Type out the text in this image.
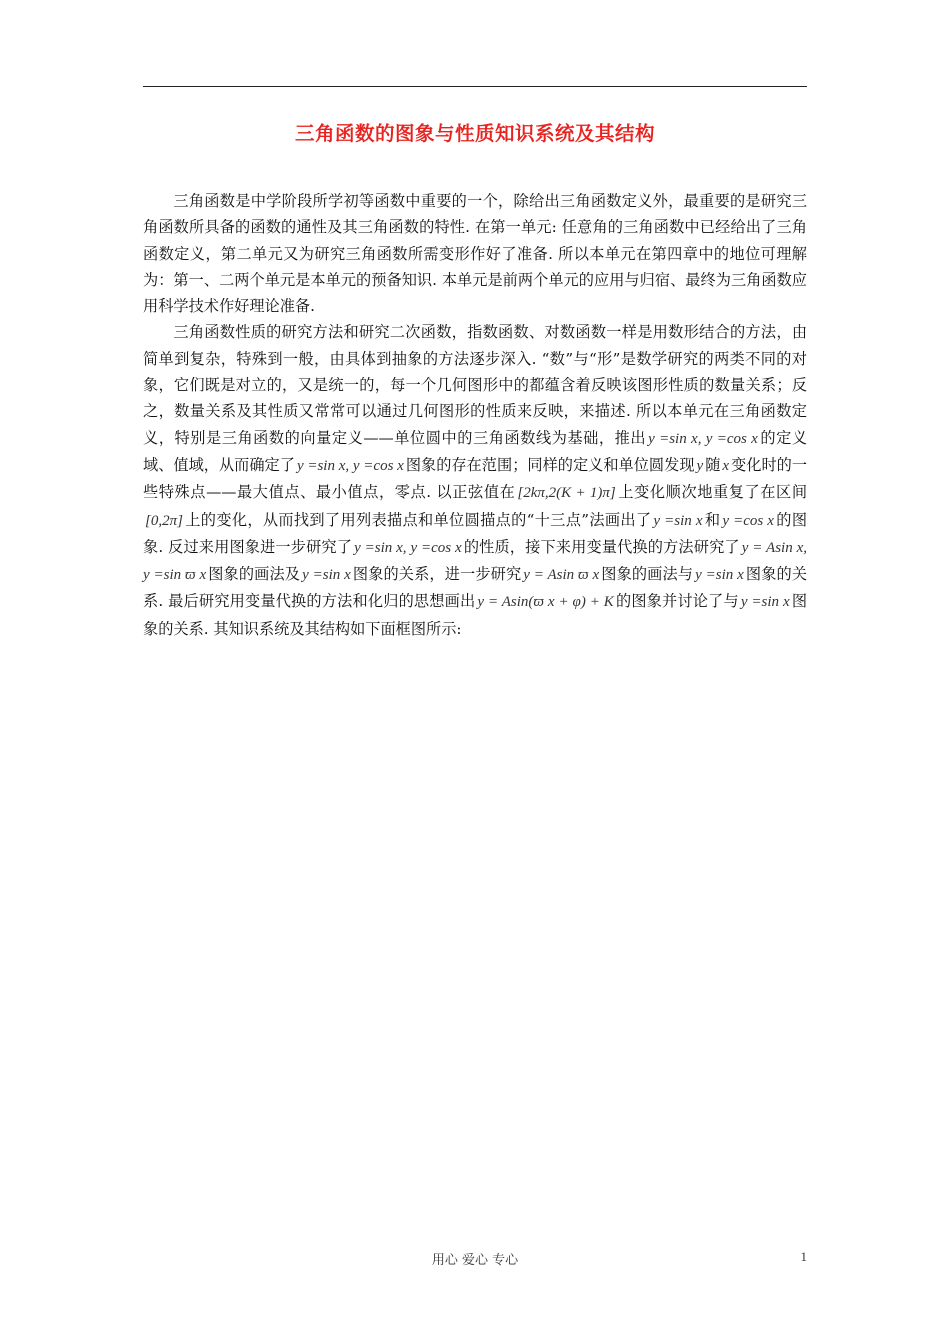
三角函数的图象与性质知识系统及其结构

三角函数是中学阶段所学初等函数中重要的一个，除给出三角函数定义外，最重要的是研究三角函数所具备的函数的通性及其三角函数的特性. 在第一单元: 任意角的三角函数中已经给出了三角函数定义，第二单元又为研究三角函数所需变形作好了准备. 所以本单元在第四章中的地位可理解为：第一、二两个单元是本单元的预备知识. 本单元是前两个单元的应用与归宿、最终为三角函数应用科学技术作好理论准备.

三角函数性质的研究方法和研究二次函数，指数函数、对数函数一样是用数形结合的方法，由简单到复杂，特殊到一般，由具体到抽象的方法逐步深入. “数”与“形”是数学研究的两类不同的对象，它们既是对立的，又是统一的，每一个几何图形中的都蕴含着反映该图形性质的数量关系；反之，数量关系及其性质又常常可以通过几何图形的性质来反映，来描述. 所以本单元在三角函数定义，特别是三角函数的向量定义——单位圆中的三角函数线为基础，推出 y =sin x, y =cos x 的定义域、值域，从而确定了 y =sin x, y =cos x 图象的存在范围；同样的定义和单位圆发现 y 随 x 变化时的一些特殊点——最大值点、最小值点，零点. 以正弦值在 [2kπ,2(K + 1)π] 上变化顺次地重复了在区间[0,2π] 上的变化，从而找到了用列表描点和单位圆描点的“十三点”法画出了 y =sin x 和 y =cos x 的图象. 反过来用图象进一步研究了 y =sin x, y =cos x 的性质，接下来用变量代换的方法研究了 y = Asin x, y =sin ϖ x 图象的画法及 y =sin x 图象的关系，进一步研究 y = Asin ϖ x 图象的画法与 y =sin x 图象的关系. 最后研究用变量代换的方法和化归的思想画出 y = Asin(ϖ x + φ) + K 的图象并讨论了与 y =sin x 图象的关系. 其知识系统及其结构如下面框图所示:

用心 爱心 专心	1
